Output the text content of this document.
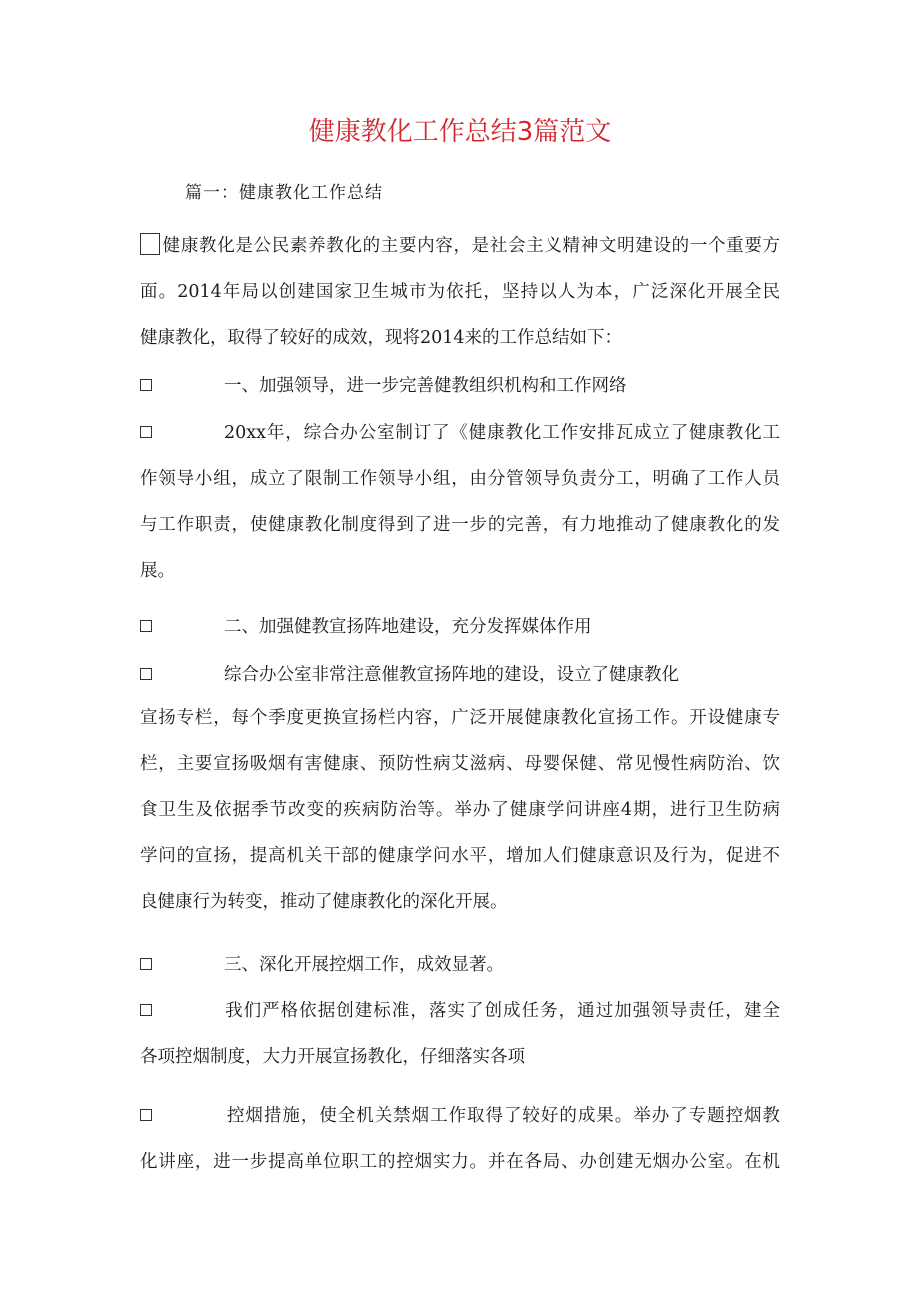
健康教化工作总结3篇范文
篇一：健康教化工作总结
健康教化是公民素养教化的主要内容，是社会主义精神文明建设的一个重要方
面。2014年局以创建国家卫生城市为依托，坚持以人为本，广泛深化开展全民
健康教化，取得了较好的成效，现将2014来的工作总结如下：
一、加强领导，进一步完善健教组织机构和工作网络
20xx年，综合办公室制订了《健康教化工作安排瓦成立了健康教化工
作领导小组，成立了限制工作领导小组，由分管领导负责分工，明确了工作人员
与工作职责，使健康教化制度得到了进一步的完善，有力地推动了健康教化的发
展。
二、加强健教宣扬阵地建设，充分发挥媒体作用
综合办公室非常注意催教宣扬阵地的建设，设立了健康教化
宣扬专栏，每个季度更换宣扬栏内容，广泛开展健康教化宣扬工作。开设健康专
栏，主要宣扬吸烟有害健康、预防性病艾滋病、母婴保健、常见慢性病防治、饮
食卫生及依据季节改变的疾病防治等。举办了健康学问讲座4期，进行卫生防病
学问的宣扬，提高机关干部的健康学问水平，增加人们健康意识及行为，促进不
良健康行为转变，推动了健康教化的深化开展。
三、深化开展控烟工作，成效显著。
我们严格依据创建标准，落实了创成任务，通过加强领导责任，建全
各项控烟制度，大力开展宣扬教化，仔细落实各项
控烟措施，使全机关禁烟工作取得了较好的成果。举办了专题控烟教
化讲座，进一步提高单位职工的控烟实力。并在各局、办创建无烟办公室。在机
